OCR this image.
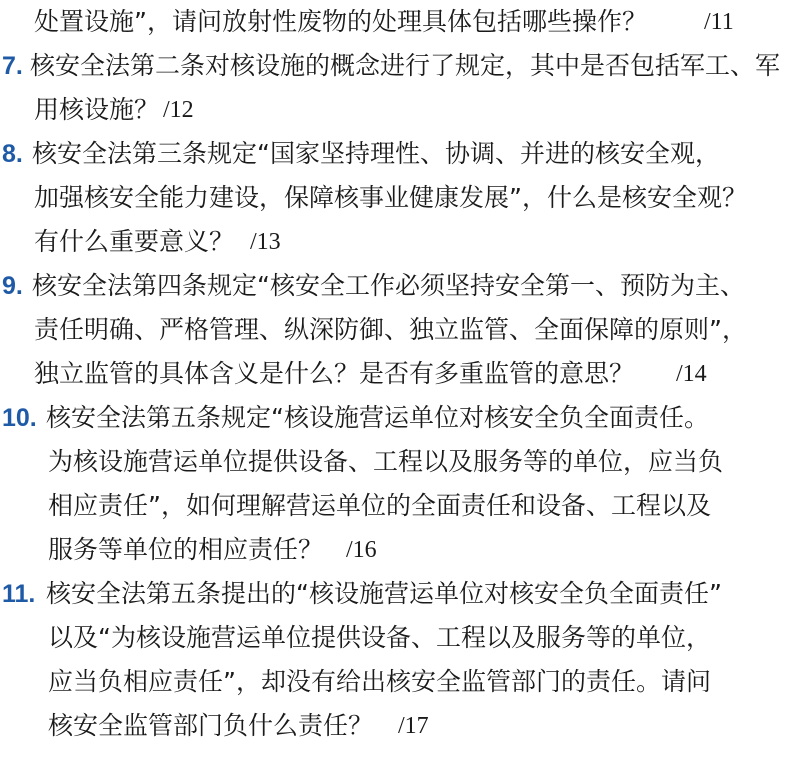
处置设施”，请问放射性废物的处理具体包括哪些操作？ /11
7. 核安全法第二条对核设施的概念进行了规定，其中是否包括军工、军
用核设施？ /12
8. 核安全法第三条规定“国家坚持理性、协调、并进的核安全观，
加强核安全能力建设，保障核事业健康发展”，什么是核安全观？
有什么重要意义？ /13
9. 核安全法第四条规定“核安全工作必须坚持安全第一、预防为主、
责任明确、严格管理、纵深防御、独立监管、全面保障的原则”，
独立监管的具体含义是什么？是否有多重监管的意思？ /14
10. 核安全法第五条规定“核设施营运单位对核安全负全面责任。
为核设施营运单位提供设备、工程以及服务等的单位，应当负
相应责任”，如何理解营运单位的全面责任和设备、工程以及
服务等单位的相应责任？ /16
11. 核安全法第五条提出的“核设施营运单位对核安全负全面责任”
以及“为核设施营运单位提供设备、工程以及服务等的单位，
应当负相应责任”，却没有给出核安全监管部门的责任。请问
核安全监管部门负什么责任？ /17
